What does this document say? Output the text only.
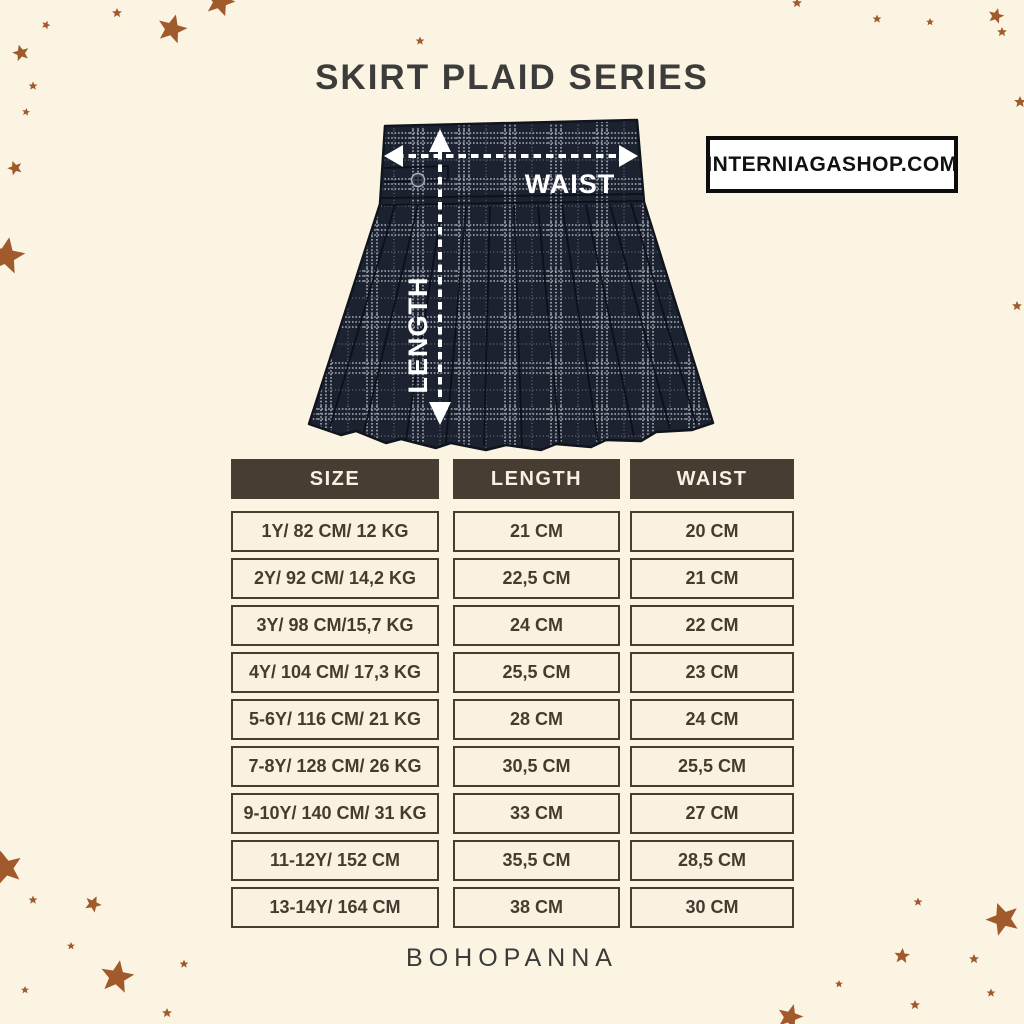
SKIRT PLAID SERIES
INTERNIAGASHOP.COM
WAIST
LENGTH
SIZE	LENGTH	WAIST
1Y/ 82 CM/ 12 KG	21 CM	20 CM
2Y/ 92 CM/ 14,2 KG	22,5 CM	21 CM
3Y/ 98 CM/15,7 KG	24 CM	22 CM
4Y/ 104 CM/ 17,3 KG	25,5 CM	23 CM
5-6Y/ 116 CM/ 21 KG	28 CM	24 CM
7-8Y/ 128 CM/ 26 KG	30,5 CM	25,5 CM
9-10Y/ 140 CM/ 31 KG	33 CM	27 CM
11-12Y/ 152 CM	35,5 CM	28,5 CM
13-14Y/ 164 CM	38 CM	30 CM
BOHOPANNA
